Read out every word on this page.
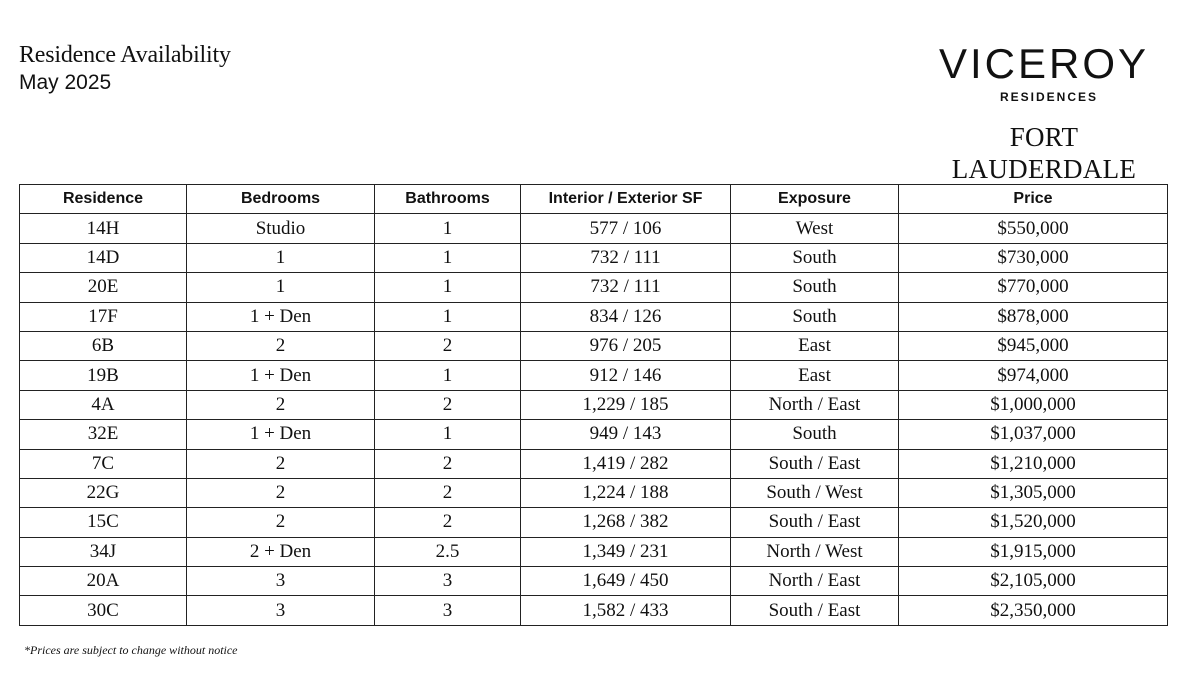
Residence Availability
May 2025	VICEROY
RESIDENCES
FORT LAUDERDALE
Residence	Bedrooms	Bathrooms	Interior / Exterior SF	Exposure	Price
14H	Studio	1	577 / 106	West	$550,000
14D	1	1	732 / 111	South	$730,000
20E	1	1	732 / 111	South	$770,000
17F	1 + Den	1	834 / 126	South	$878,000
6B	2	2	976 / 205	East	$945,000
19B	1 + Den	1	912 / 146	East	$974,000
4A	2	2	1,229 / 185	North / East	$1,000,000
32E	1 + Den	1	949 / 143	South	$1,037,000
7C	2	2	1,419 / 282	South / East	$1,210,000
22G	2	2	1,224 / 188	South / West	$1,305,000
15C	2	2	1,268 / 382	South / East	$1,520,000
34J	2 + Den	2.5	1,349 / 231	North / West	$1,915,000
20A	3	3	1,649 / 450	North / East	$2,105,000
30C	3	3	1,582 / 433	South / East	$2,350,000
*Prices are subject to change without notice
